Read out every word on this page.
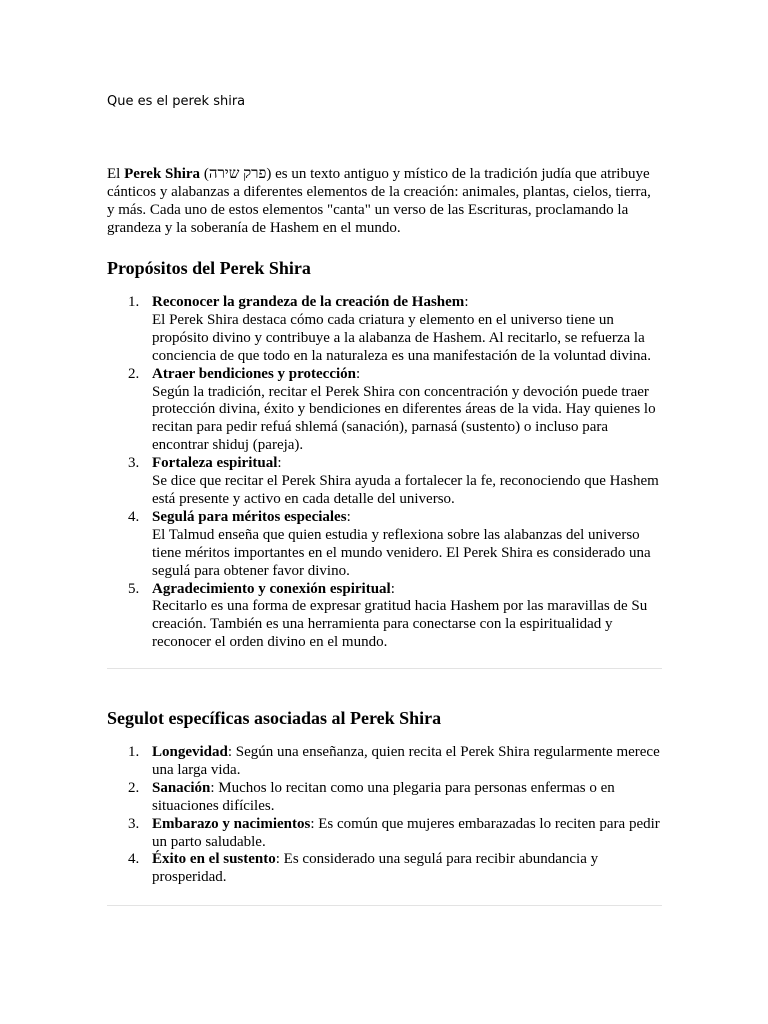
Que es el perek shira

El Perek Shira (פרק שירה) es un texto antiguo y místico de la tradición judía que atribuye cánticos y alabanzas a diferentes elementos de la creación: animales, plantas, cielos, tierra, y más. Cada uno de estos elementos "canta" un verso de las Escrituras, proclamando la grandeza y la soberanía de Hashem en el mundo.

Propósitos del Perek Shira
1. Reconocer la grandeza de la creación de Hashem:
El Perek Shira destaca cómo cada criatura y elemento en el universo tiene un propósito divino y contribuye a la alabanza de Hashem. Al recitarlo, se refuerza la conciencia de que todo en la naturaleza es una manifestación de la voluntad divina.
2. Atraer bendiciones y protección:
Según la tradición, recitar el Perek Shira con concentración y devoción puede traer protección divina, éxito y bendiciones en diferentes áreas de la vida. Hay quienes lo recitan para pedir refuá shlemá (sanación), parnasá (sustento) o incluso para encontrar shiduj (pareja).
3. Fortaleza espiritual:
Se dice que recitar el Perek Shira ayuda a fortalecer la fe, reconociendo que Hashem está presente y activo en cada detalle del universo.
4. Segulá para méritos especiales:
El Talmud enseña que quien estudia y reflexiona sobre las alabanzas del universo tiene méritos importantes en el mundo venidero. El Perek Shira es considerado una segulá para obtener favor divino.
5. Agradecimiento y conexión espiritual:
Recitarlo es una forma de expresar gratitud hacia Hashem por las maravillas de Su creación. También es una herramienta para conectarse con la espiritualidad y reconocer el orden divino en el mundo.
Segulot específicas asociadas al Perek Shira
1. Longevidad: Según una enseñanza, quien recita el Perek Shira regularmente merece una larga vida.
2. Sanación: Muchos lo recitan como una plegaria para personas enfermas o en situaciones difíciles.
3. Embarazo y nacimientos: Es común que mujeres embarazadas lo reciten para pedir un parto saludable.
4. Éxito en el sustento: Es considerado una segulá para recibir abundancia y prosperidad.
